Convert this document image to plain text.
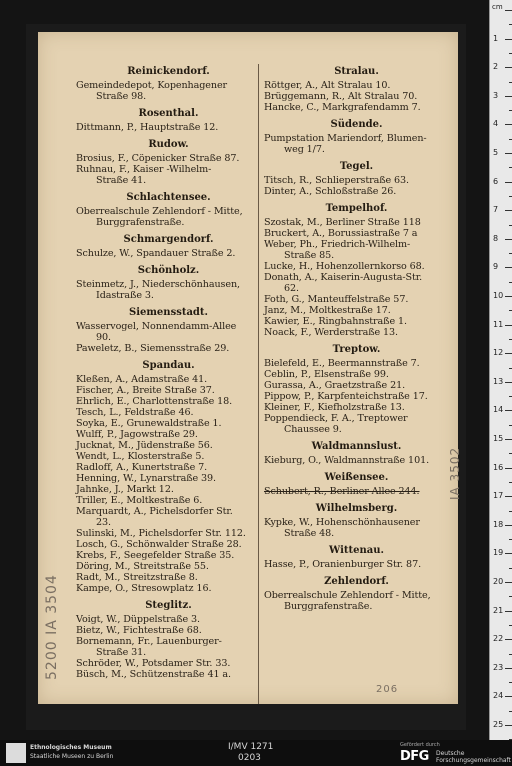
Reinickendorf.
Gemeindedepot, Kopenhagener
Straße 98.
Rosenthal.
Dittmann, P., Hauptstraße 12.
Rudow.
Brosius, F., Cöpenicker Straße 87.
Ruhnau, F., Kaiser -Wilhelm-
Straße 41.
Schlachtensee.
Oberrealschule Zehlendorf - Mitte,
Burggrafenstraße.
Schmargendorf.
Schulze, W., Spandauer Straße 2.
Schönholz.
Steinmetz, J., Niederschönhausen,
Idastraße 3.
Siemensstadt.
Wasservogel, Nonnendamm-Allee
90.
Paweletz, B., Siemensstraße 29.
Spandau.
Kleßen, A., Adamstraße 41.
Fischer, A., Breite Straße 37.
Ehrlich, E., Charlottenstraße 18.
Tesch, L., Feldstraße 46.
Soyka, E., Grunewaldstraße 1.
Wulff, P., Jagowstraße 29.
Jucknat, M., Jüdenstraße 56.
Wendt, L., Klosterstraße 5.
Radloff, A., Kunertstraße 7.
Henning, W., Lynarstraße 39.
Jahnke, J., Markt 12.
Triller, E., Moltkestraße 6.
Marquardt, A., Pichelsdorfer Str.
23.
Sulinski, M., Pichelsdorfer Str. 112.
Losch, G., Schönwalder Straße 28.
Krebs, F., Seegefelder Straße 35.
Döring, M., Streitstraße 55.
Radt, M., Streitzstraße 8.
Kampe, O., Stresowplatz 16.
Steglitz.
Voigt, W., Düppelstraße 3.
Bietz, W., Fichtestraße 68.
Bornemann, Fr., Lauenburger-
Straße 31.
Schröder, W., Potsdamer Str. 33.
Büsch, M., Schützenstraße 41 a.
Stralau.
Röttger, A., Alt Stralau 10.
Brüggemann, R., Alt Stralau 70.
Hancke, C., Markgrafendamm 7.
Südende.
Pumpstation Mariendorf, Blumen-
weg 1/7.
Tegel.
Titsch, R., Schlieperstraße 63.
Dinter, A., Schloßstraße 26.
Tempelhof.
Szostak, M., Berliner Straße 118
Bruckert, A., Borussiastraße 7 a
Weber, Ph., Friedrich-Wilhelm-
Straße 85.
Lucke, H., Hohenzollernkorso 68.
Donath, A., Kaiserin-Augusta-Str.
62.
Foth, G., Manteuffelstraße 57.
Janz, M., Moltkestraße 17.
Kawier, E., Ringbahnstraße 1.
Noack, F., Werderstraße 13.
Treptow.
Bielefeld, E., Beermannstraße 7.
Ceblin, P., Elsenstraße 99.
Gurassa, A., Graetzstraße 21.
Pippow, P., Karpfenteichstraße 17.
Kleiner, F., Kiefholzstraße 13.
Poppendieck, F. A., Treptower
Chaussee 9.
Waldmannslust.
Kieburg, O., Waldmannstraße 101.
Weißensee.
Schubert, R., Berliner Allee 244.
Wilhelmsberg.
Kypke, W., Hohenschönhausener
Straße 48.
Wittenau.
Hasse, P., Oranienburger Str. 87.
Zehlendorf.
Oberrealschule Zehlendorf - Mitte,
Burggrafenstraße.
5200 IA 3504
IA 3502
206
cm
1
2
3
4
5
6
7
8
9
10
11
12
13
14
15
16
17
18
19
20
21
22
23
24
25
Ethnologisches Museum
Staatliche Museen zu Berlin
I/MV 1271
0203
Gefördert durch
DFG Deutsche
Forschungsgemeinschaft
